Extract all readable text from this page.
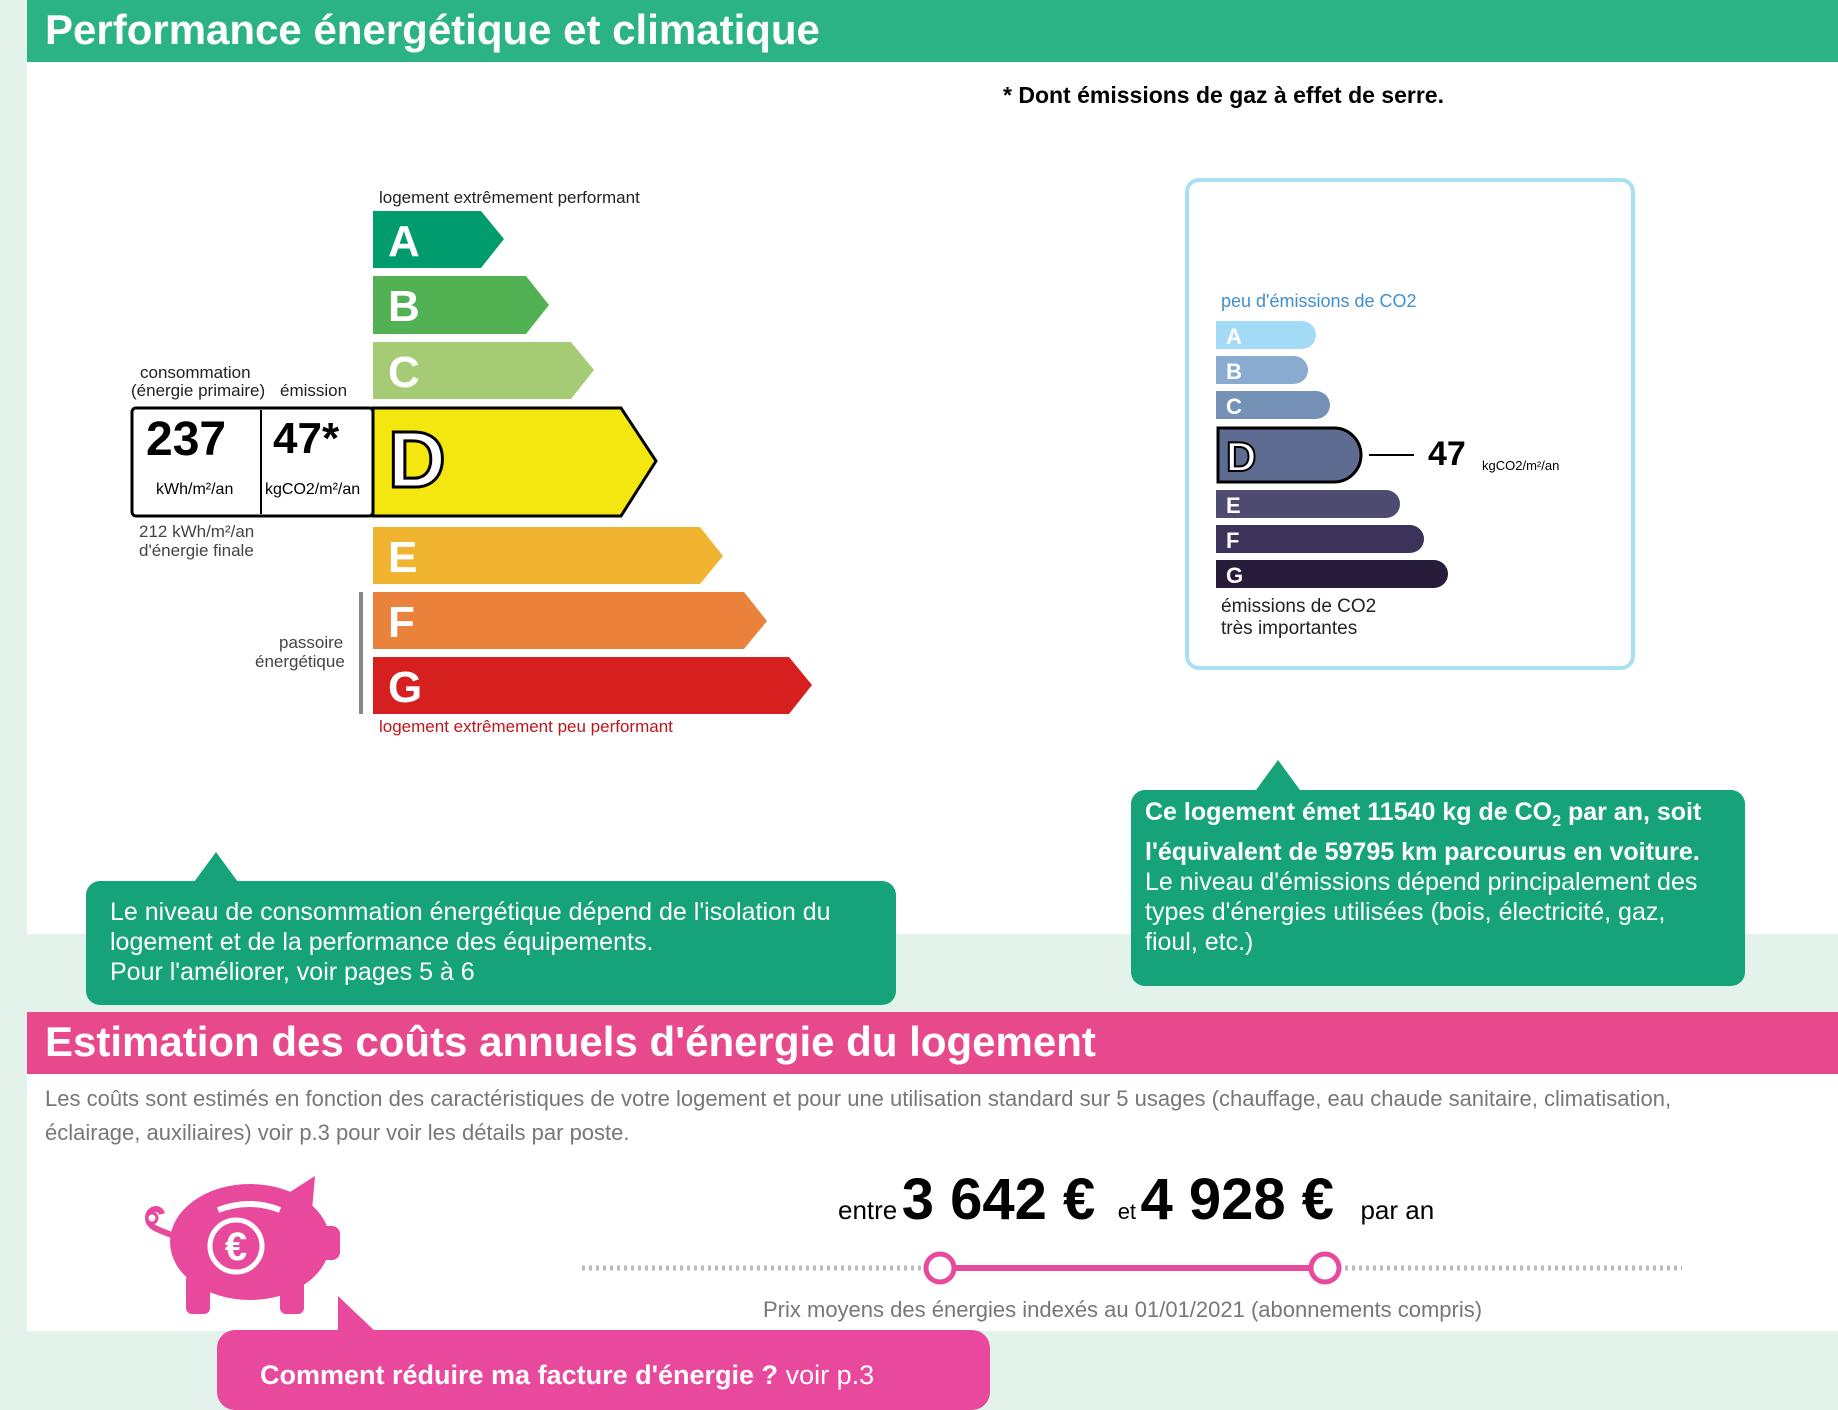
Performance énergétique et climatique
* Dont émissions de gaz à effet de serre.
logement extrêmement performant
A
B
C
D
E
F
G
logement extrêmement peu performant
consommation
(énergie primaire) émission
237
kWh/m²/an
47*
kgCO2/m²/an
212 kWh/m²/an
d'énergie finale
passoire
énergétique
peu d'émissions de CO2
A
B
C
D
E
F
G
47 kgCO2/m²/an
émissions de CO2
très importantes
Le niveau de consommation énergétique dépend de l'isolation du
logement et de la performance des équipements.
Pour l'améliorer, voir pages 5 à 6
Ce logement émet 11540 kg de $CO_2$ par an, soit
l'équivalent de 59795 km parcourus en voiture.
Le niveau d'émissions dépend principalement des
types d'énergies utilisées (bois, électricité, gaz,
fioul, etc.)
Estimation des coûts annuels d'énergie du logement
Les coûts sont estimés en fonction des caractéristiques de votre logement et pour une utilisation standard sur 5 usages (chauffage, eau chaude sanitaire, climatisation,
éclairage, auxiliaires) voir p.3 pour voir les détails par poste.
€
entre 3 642 € et 4 928 € par an
Prix moyens des énergies indexés au 01/01/2021 (abonnements compris)
Comment réduire ma facture d'énergie ? voir p.3
